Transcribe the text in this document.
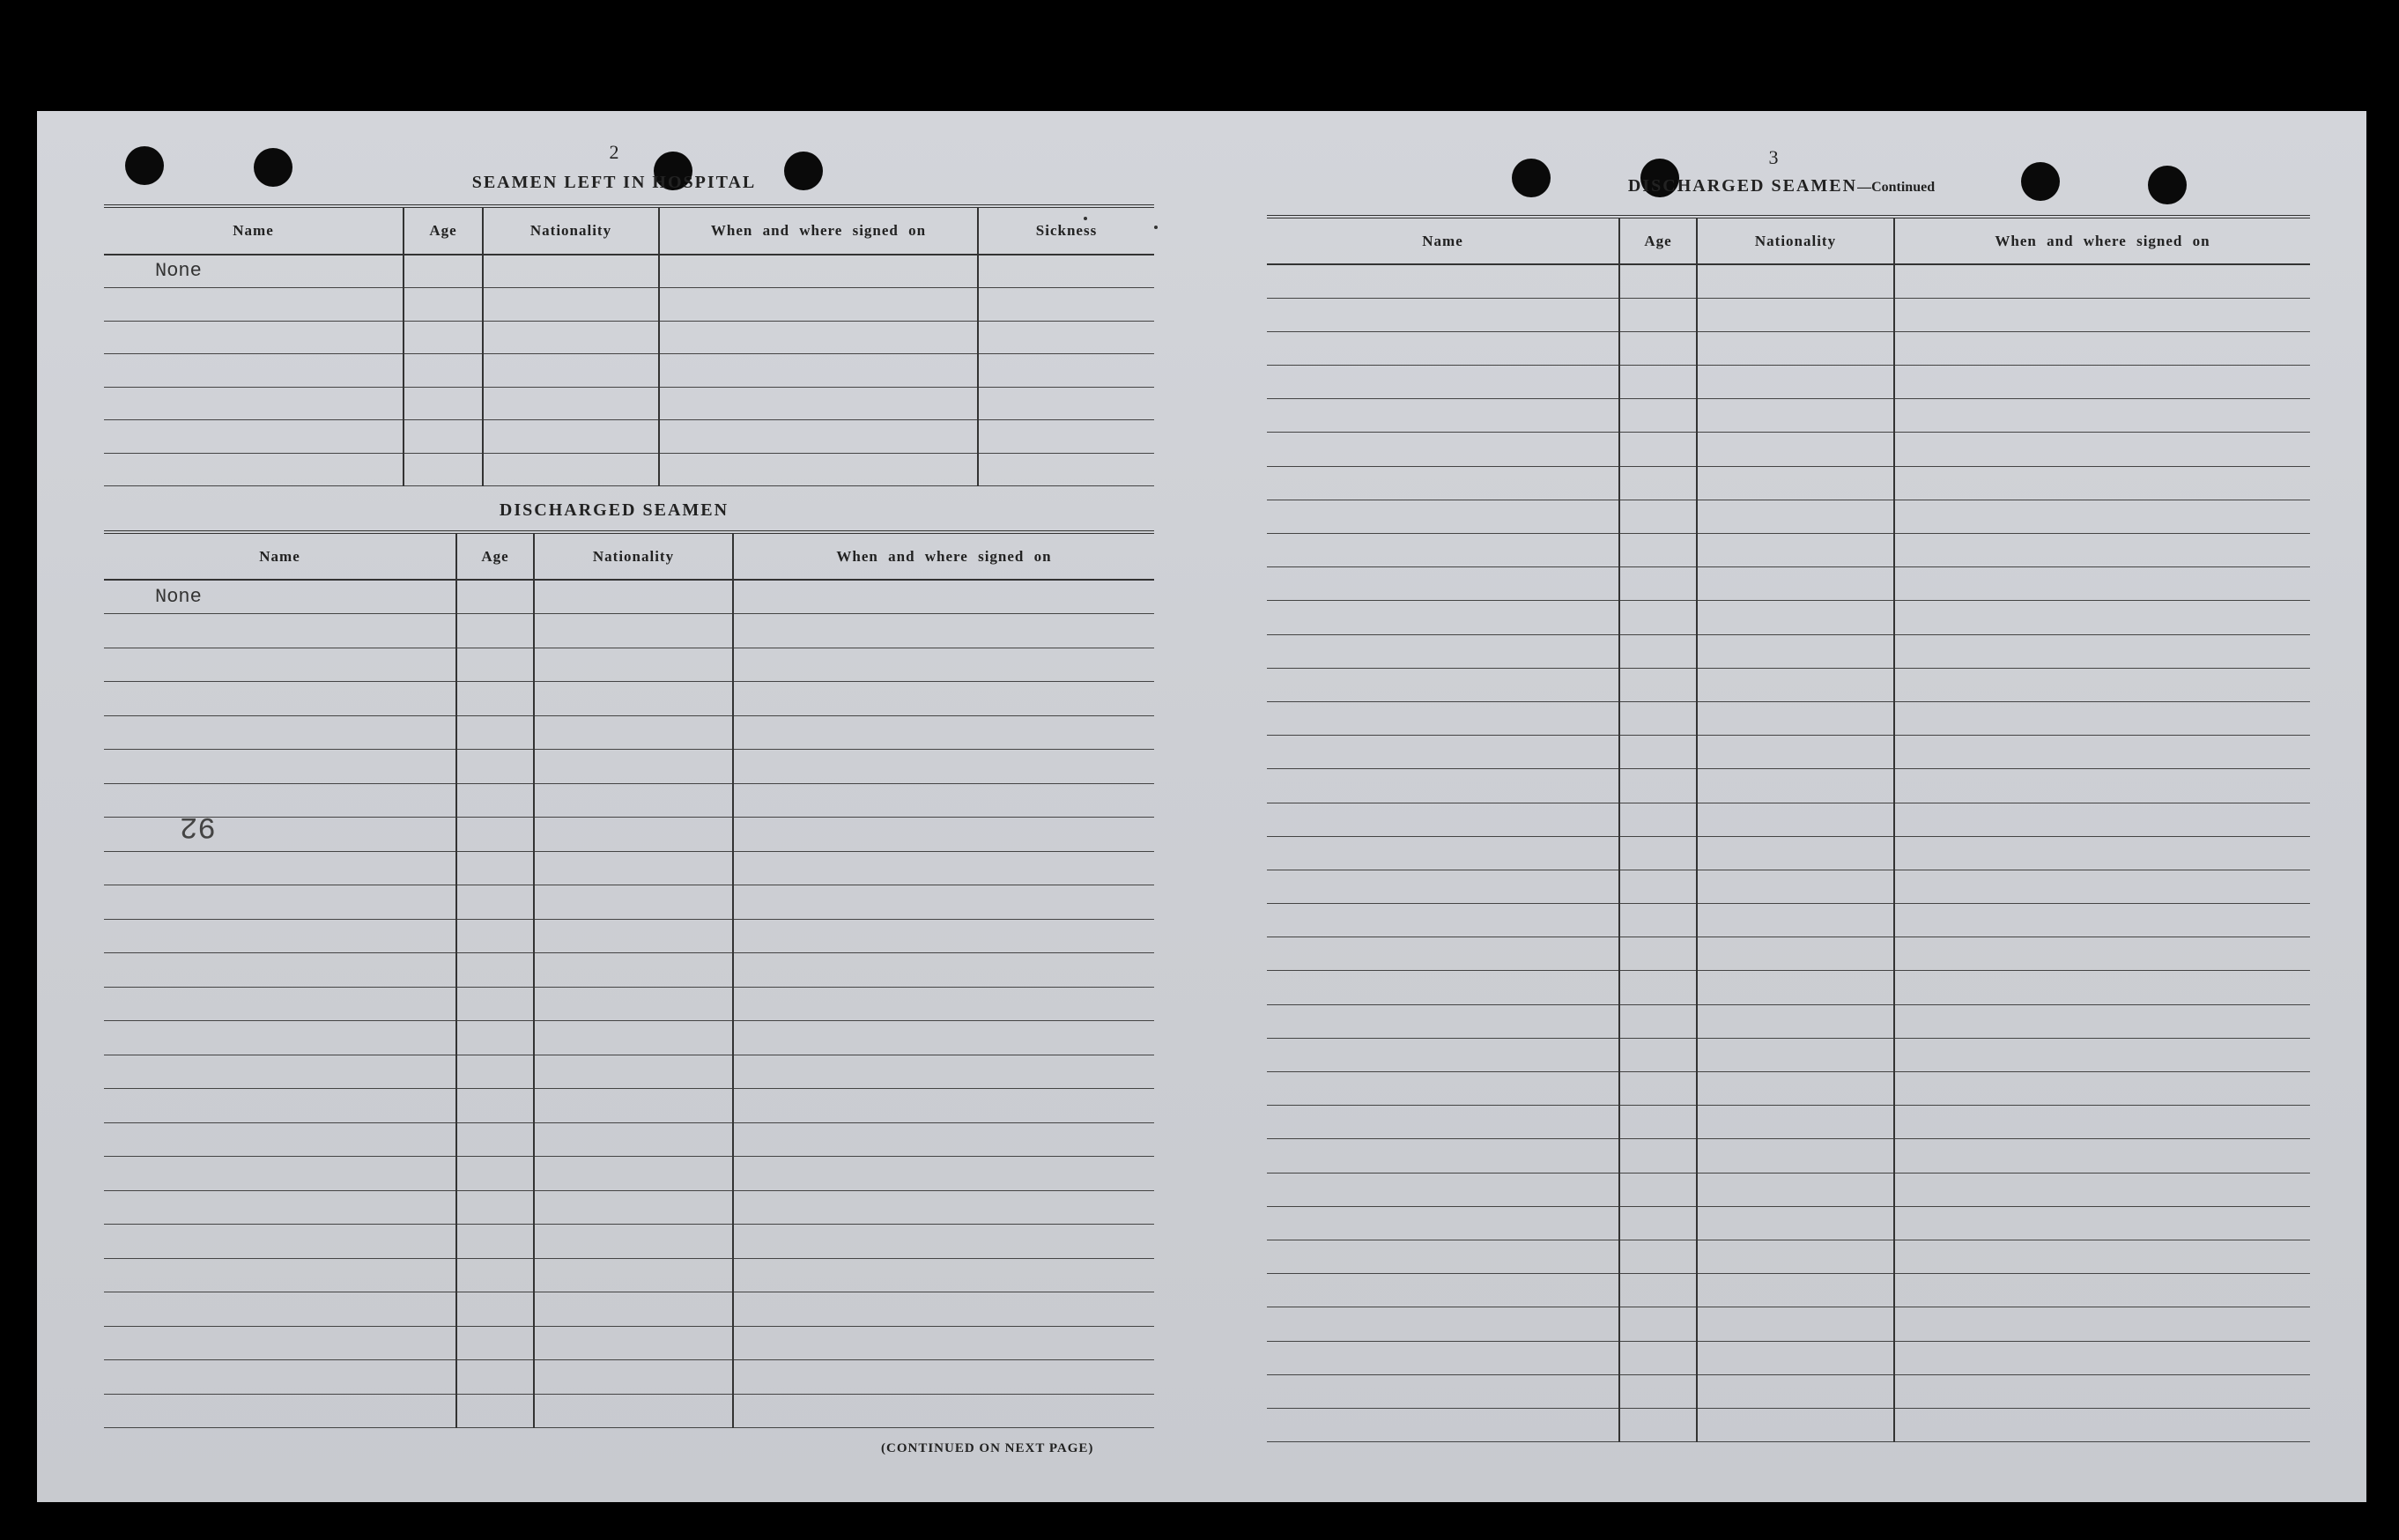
2
SEAMEN LEFT IN HOSPITAL
Name	Age	Nationality	When and where signed on	Sickness

None				

DISCHARGED SEAMEN
Name	Age	Nationality	When and where signed on

None			

92
(CONTINUED ON NEXT PAGE)
3
DISCHARGED SEAMEN—Continued
Name	Age	Nationality	When and where signed on
